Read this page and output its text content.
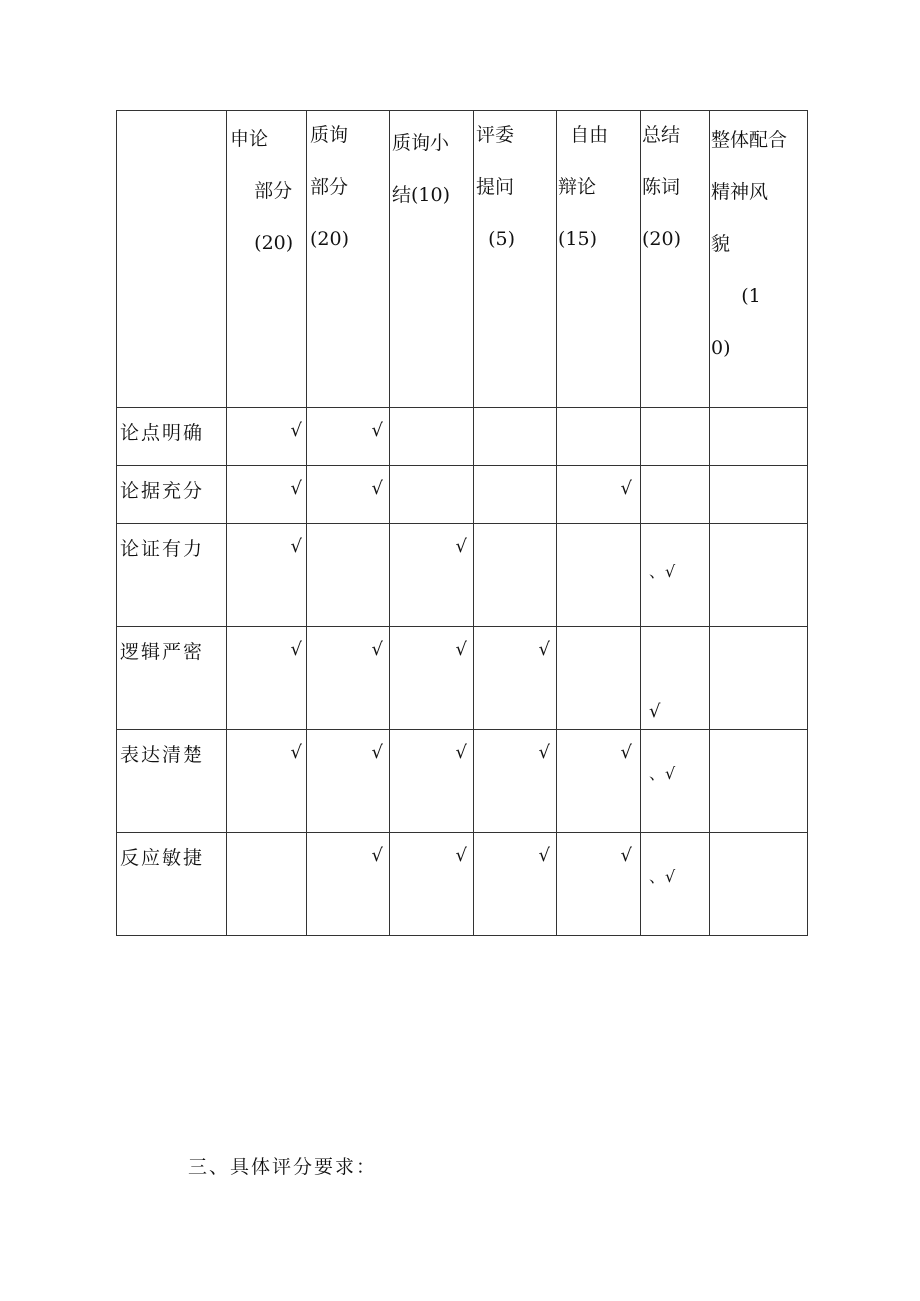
	申论
部分
(20)	质询
部分
(20)	质询小
结(10)	评委
提问
(5)	自由
辩论
(15)	总结
陈词
(20)	整体配合
精神风
貌
(1
0)

论点明确	√	√					

论据充分	√	√			√		

论证有力	√		√			、√	

逻辑严密	√	√	√	√		√	

表达清楚	√	√	√	√	√	、√	

反应敏捷		√	√	√	√	、√	

三、具体评分要求：
